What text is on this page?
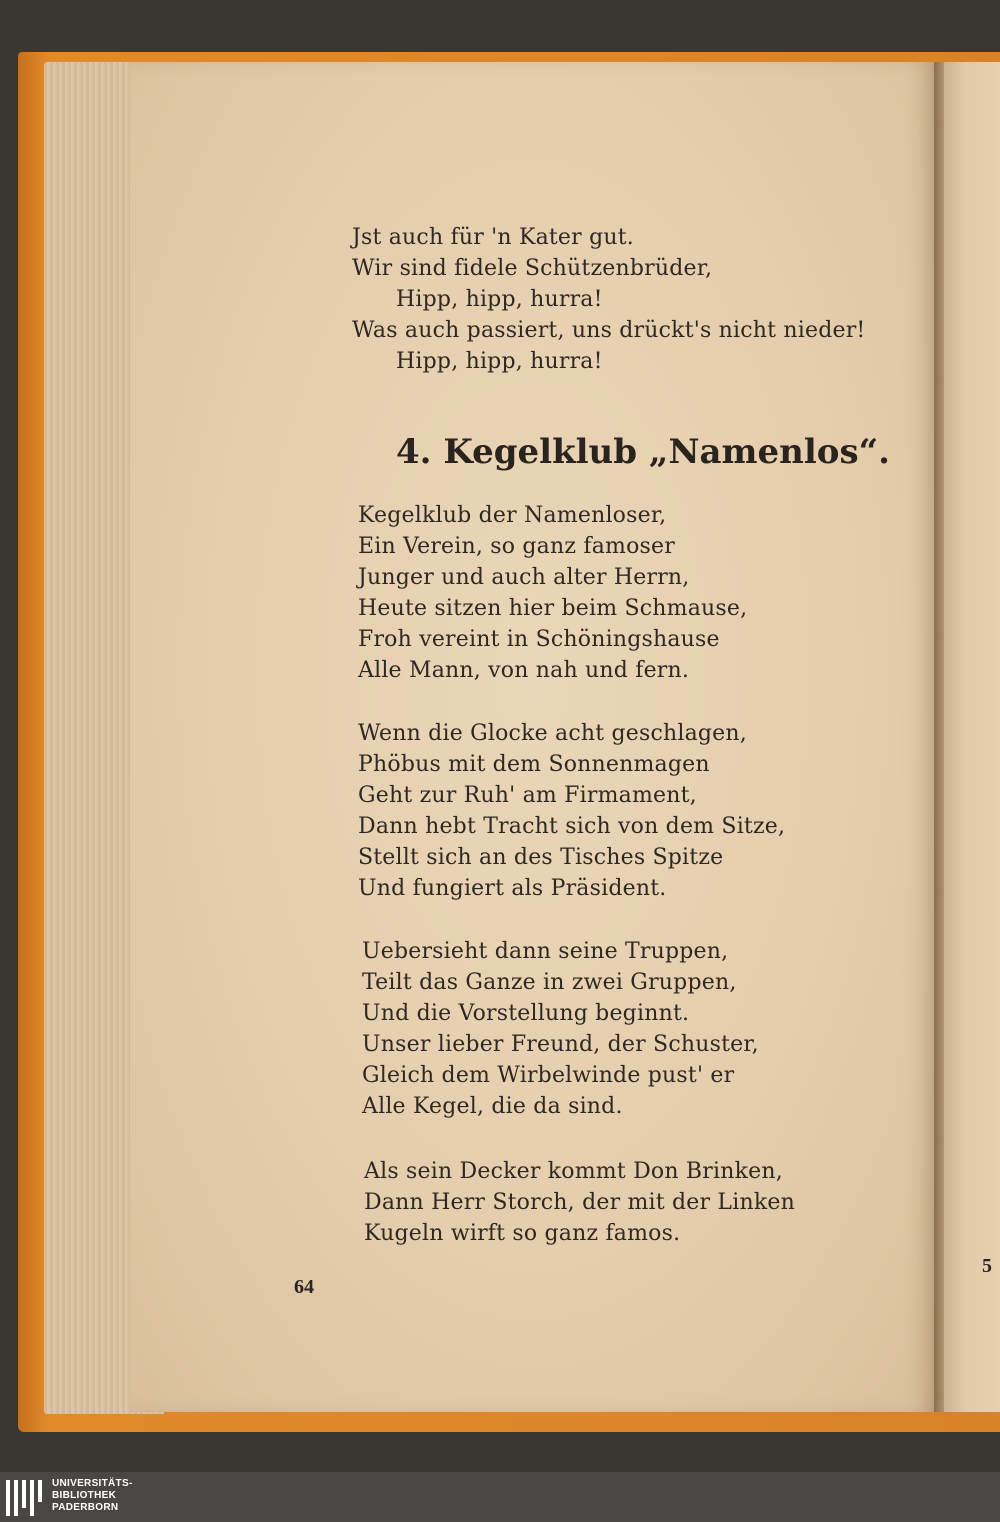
Jst auch für 'n Kater gut.
Wir sind fidele Schützenbrüder,
Hipp, hipp, hurra!
Was auch passiert, uns drückt's nicht nieder!
Hipp, hipp, hurra!
4. Kegelklub „Namenlos“.
Kegelklub der Namenloser,
Ein Verein, so ganz famoser
Junger und auch alter Herrn,
Heute sitzen hier beim Schmause,
Froh vereint in Schöningshause
Alle Mann, von nah und fern.
Wenn die Glocke acht geschlagen,
Phöbus mit dem Sonnenmagen
Geht zur Ruh' am Firmament,
Dann hebt Tracht sich von dem Sitze,
Stellt sich an des Tisches Spitze
Und fungiert als Präsident.
Uebersieht dann seine Truppen,
Teilt das Ganze in zwei Gruppen,
Und die Vorstellung beginnt.
Unser lieber Freund, der Schuster,
Gleich dem Wirbelwinde pust' er
Alle Kegel, die da sind.
Als sein Decker kommt Don Brinken,
Dann Herr Storch, der mit der Linken
Kugeln wirft so ganz famos.
64
5
UNIVERSITÄTS-
BIBLIOTHEK
PADERBORN
